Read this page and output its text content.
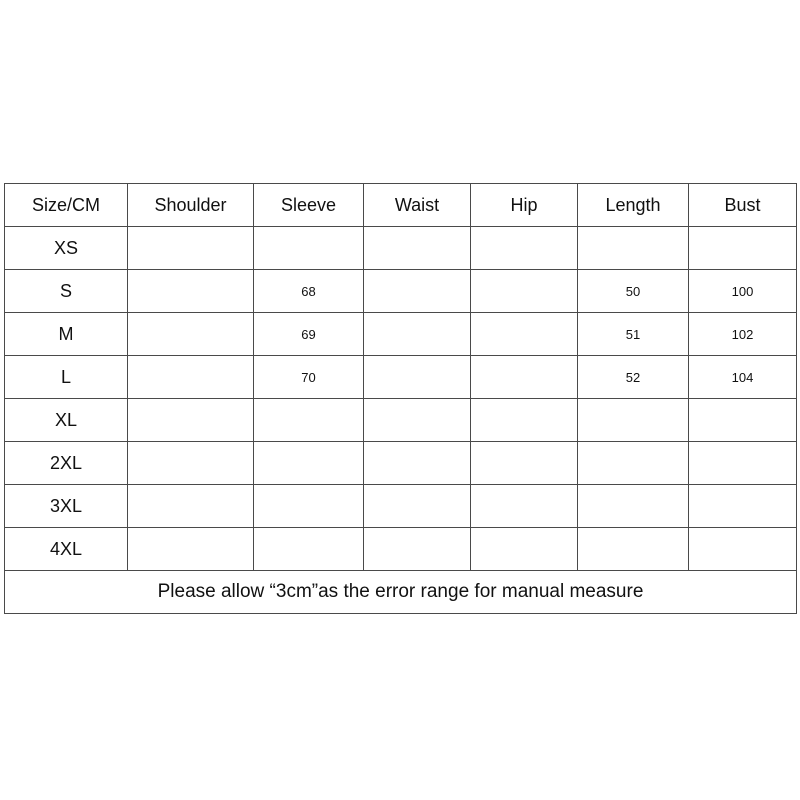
Size/CM	Shoulder	Sleeve	Waist	Hip	Length	Bust
XS						
S		68			50	100
M		69			51	102
L		70			52	104
XL						
2XL						
3XL						
4XL						
Please allow “3cm”as the error range for manual measure						
